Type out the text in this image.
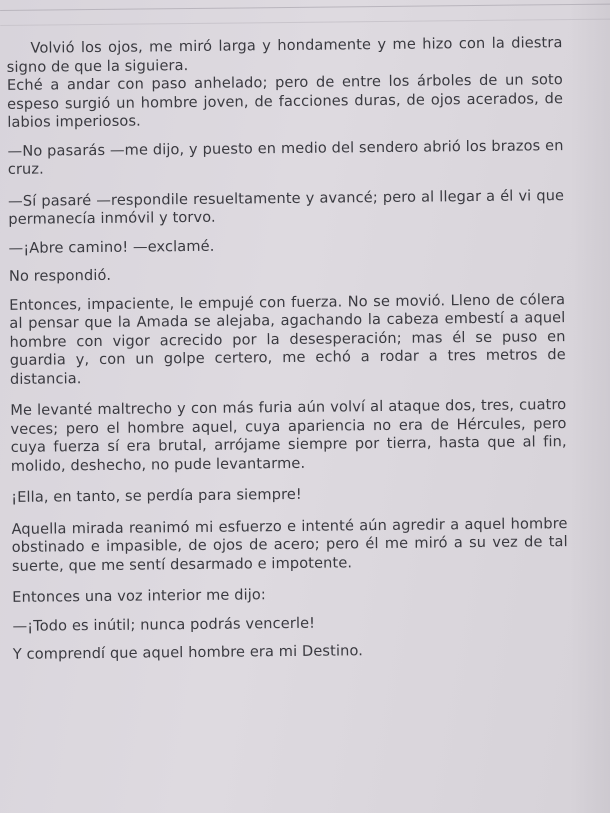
Volvió los ojos, me miró larga y hondamente y me hizo con la diestra signo de que la siguiera.

Eché a andar con paso anhelado; pero de entre los árboles de un soto espeso surgió un hombre joven, de facciones duras, de ojos acerados, de labios imperiosos.

—No pasarás —me dijo, y puesto en medio del sendero abrió los brazos en cruz.

—Sí pasaré —respondile resueltamente y avancé; pero al llegar a él vi que permanecía inmóvil y torvo.

—¡Abre camino! —exclamé.

No respondió.

Entonces, impaciente, le empujé con fuerza. No se movió. Lleno de cólera al pensar que la Amada se alejaba, agachando la cabeza embestí a aquel hombre con vigor acrecido por la desesperación; mas él se puso en guardia y, con un golpe certero, me echó a rodar a tres metros de distancia.

Me levanté maltrecho y con más furia aún volví al ataque dos, tres, cuatro veces; pero el hombre aquel, cuya apariencia no era de Hércules, pero cuya fuerza sí era brutal, arrójame siempre por tierra, hasta que al fin, molido, deshecho, no pude levantarme.

¡Ella, en tanto, se perdía para siempre!

Aquella mirada reanimó mi esfuerzo e intenté aún agredir a aquel hombre obstinado e impasible, de ojos de acero; pero él me miró a su vez de tal suerte, que me sentí desarmado e impotente.

Entonces una voz interior me dijo:

—¡Todo es inútil; nunca podrás vencerle!

Y comprendí que aquel hombre era mi Destino.
